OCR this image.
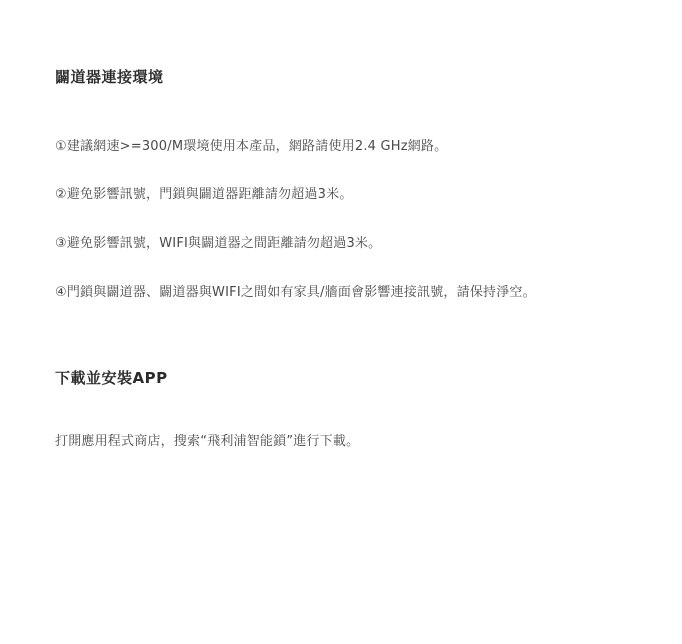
闢道器連接環境

①建議網速>=300/M環境使用本產品，網路請使用2.4 GHz網路。

②避免影響訊號，門鎖與闢道器距離請勿超過3米。

③避免影響訊號，WIFI與闢道器之間距離請勿超過3米。

④門鎖與闢道器、闢道器與WIFI之間如有家具/牆面會影響連接訊號，請保持淨空。

下載並安裝APP

打開應用程式商店，搜索“飛利浦智能鎖”進行下載。
